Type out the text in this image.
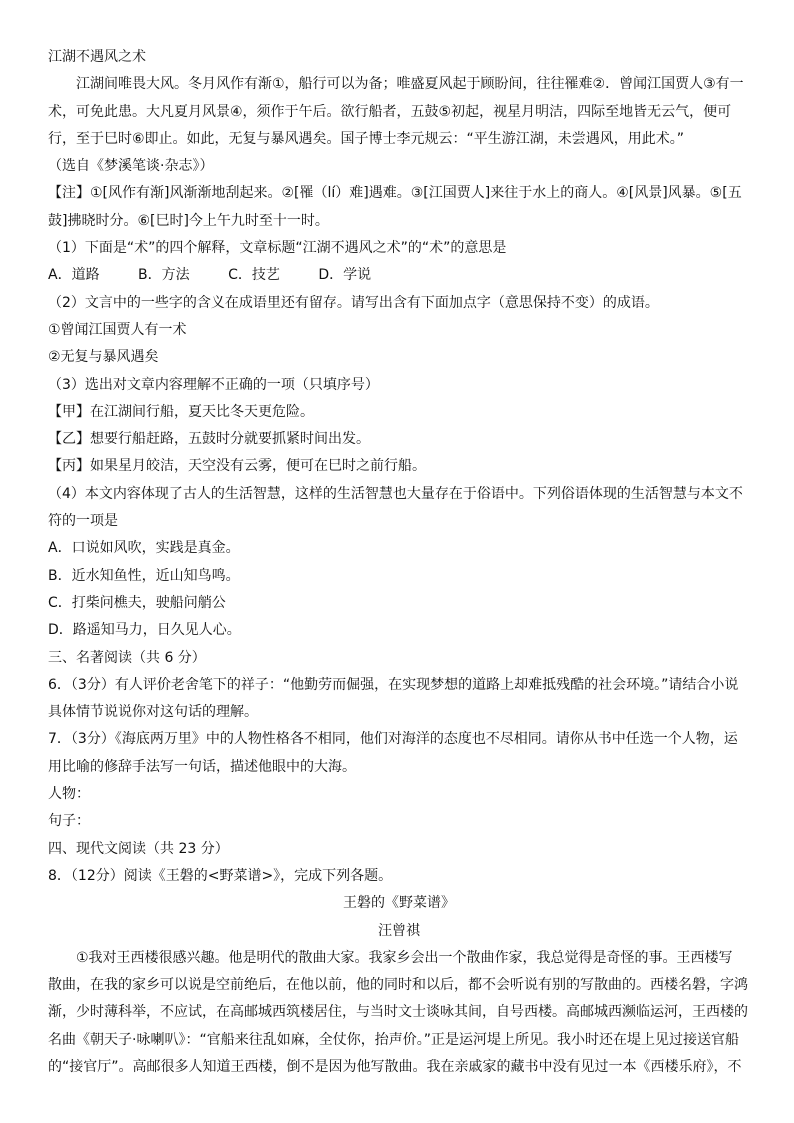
江湖不遇风之术
江湖间唯畏大风。冬月风作有渐①，船行可以为备；唯盛夏风起于顾盼间，往往罹难②．曾闻江国贾人③有一
术，可免此患。大凡夏月风景④，须作于午后。欲行船者，五鼓⑤初起，视星月明洁，四际至地皆无云气，便可
行，至于巳时⑥即止。如此，无复与暴风遇矣。国子博士李元规云：“平生游江湖，未尝遇风，用此术。”
（选自《梦溪笔谈·杂志》）
【注】①[风作有渐]风渐渐地刮起来。②[罹（lí）难]遇难。③[江国贾人]来往于水上的商人。④[风景]风暴。⑤[五
鼓]拂晓时分。⑥[巳时]今上午九时至十一时。
（1）下面是“术”的四个解释，文章标题“江湖不遇风之术”的“术”的意思是
A．道路	B．方法	C．技艺	D．学说
（2）文言中的一些字的含义在成语里还有留存。请写出含有下面加点字（意思保持不变）的成语。
①曾闻江国贾人有一术
②无复与暴风遇矣
（3）选出对文章内容理解不正确的一项（只填序号）
【甲】在江湖间行船，夏天比冬天更危险。
【乙】想要行船赶路，五鼓时分就要抓紧时间出发。
【丙】如果星月皎洁，天空没有云雾，便可在巳时之前行船。
（4）本文内容体现了古人的生活智慧，这样的生活智慧也大量存在于俗语中。下列俗语体现的生活智慧与本文不
符的一项是
A．口说如风吹，实践是真金。
B．近水知鱼性，近山知鸟鸣。
C．打柴问樵夫，驶船问艄公
D．路遥知马力，日久见人心。
三、名著阅读（共 6 分）
6．（3分）有人评价老舍笔下的祥子：“他勤劳而倔强，在实现梦想的道路上却难抵残酷的社会环境。”请结合小说
具体情节说说你对这句话的理解。
7．（3分）《海底两万里》中的人物性格各不相同，他们对海洋的态度也不尽相同。请你从书中任选一个人物，运
用比喻的修辞手法写一句话，描述他眼中的大海。
人物：
句子：
四、现代文阅读（共 23 分）
8．（12分）阅读《王磐的<野菜谱>》，完成下列各题。
王磐的《野菜谱》
汪曾祺
①我对王西楼很感兴趣。他是明代的散曲大家。我家乡会出一个散曲作家，我总觉得是奇怪的事。王西楼写
散曲，在我的家乡可以说是空前绝后，在他以前，他的同时和以后，都不会听说有别的写散曲的。西楼名磐，字鸿
渐，少时薄科举，不应试，在高邮城西筑楼居住，与当时文士谈咏其间，自号西楼。高邮城西濒临运河，王西楼的
名曲《朝天子·咏喇叭》：“官船来往乱如麻，全仗你，抬声价。”正是运河堤上所见。我小时还在堤上见过接送官船
的“接官厅”。高邮很多人知道王西楼，倒不是因为他写散曲。我在亲戚家的藏书中没有见过一本《西楼乐府》，不
